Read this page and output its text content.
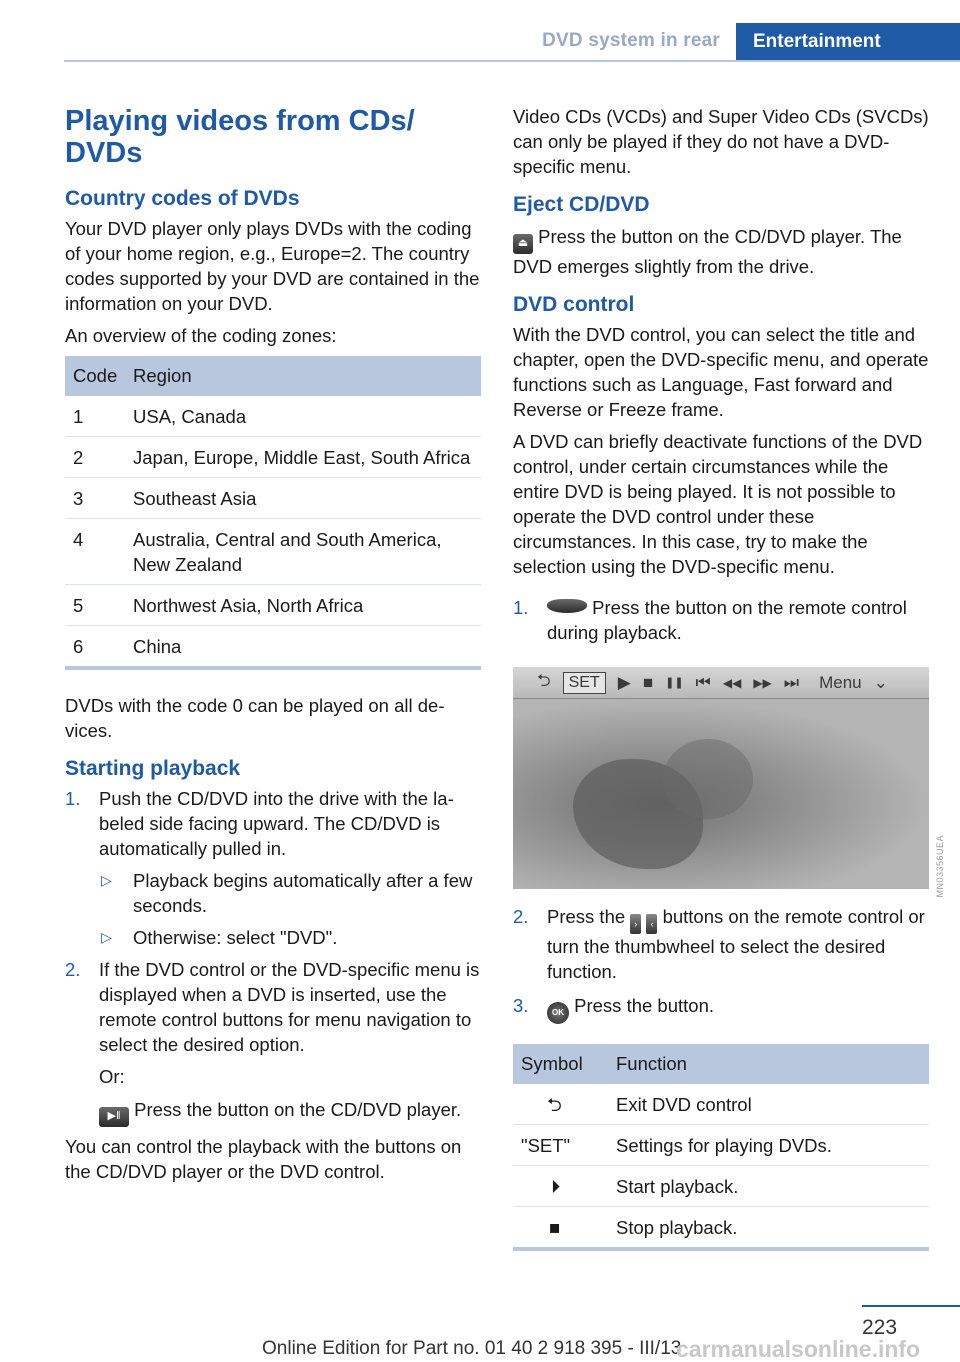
DVD system in rear	Entertainment
Playing videos from CDs/ DVDs
Country codes of DVDs
Your DVD player only plays DVDs with the coding of your home region, e.g., Europe=2. The country codes supported by your DVD are contained in the information on your DVD.
An overview of the coding zones:
Code	Region
1	USA, Canada
2	Japan, Europe, Middle East, South Africa
3	Southeast Asia
4	Australia, Central and South America, New Zealand
5	Northwest Asia, North Africa
6	China
DVDs with the code 0 can be played on all devices.
Starting playback
1. Push the CD/DVD into the drive with the labeled side facing upward. The CD/DVD is automatically pulled in.
▷ Playback begins automatically after a few seconds.
▷ Otherwise: select "DVD".
2. If the DVD control or the DVD-specific menu is displayed when a DVD is inserted, use the remote control buttons for menu navigation to select the desired option.
Or:
▶‖ Press the button on the CD/DVD player.
You can control the playback with the buttons on the CD/DVD player or the DVD control.
Video CDs (VCDs) and Super Video CDs (SVCDs) can only be played if they do not have a DVD-specific menu.
Eject CD/DVD
⏏ Press the button on the CD/DVD player. The DVD emerges slightly from the drive.
DVD control
With the DVD control, you can select the title and chapter, open the DVD-specific menu, and operate functions such as Language, Fast forward and Reverse or Freeze frame.
A DVD can briefly deactivate functions of the DVD control, under certain circumstances while the entire DVD is being played. It is not possible to operate the DVD control under these circumstances. In this case, try to make the selection using the DVD-specific menu.
1.	Press the button on the remote control during playback.
⮌	SET	▶ ■ ❚❚ ⏮ ◀◀ ▶▶ ⏭ Menu ⌄
2. Press the › ‹ buttons on the remote control or turn the thumbwheel to select the desired function.
3.	OK Press the button.
Symbol	Function
⮌	Exit DVD control
"SET"	Settings for playing DVDs.
⏵	Start playback.
■	Stop playback.
MN03356UEA
223
Online Edition for Part no. 01 40 2 918 395 - III/13
carmanualsonline.info
